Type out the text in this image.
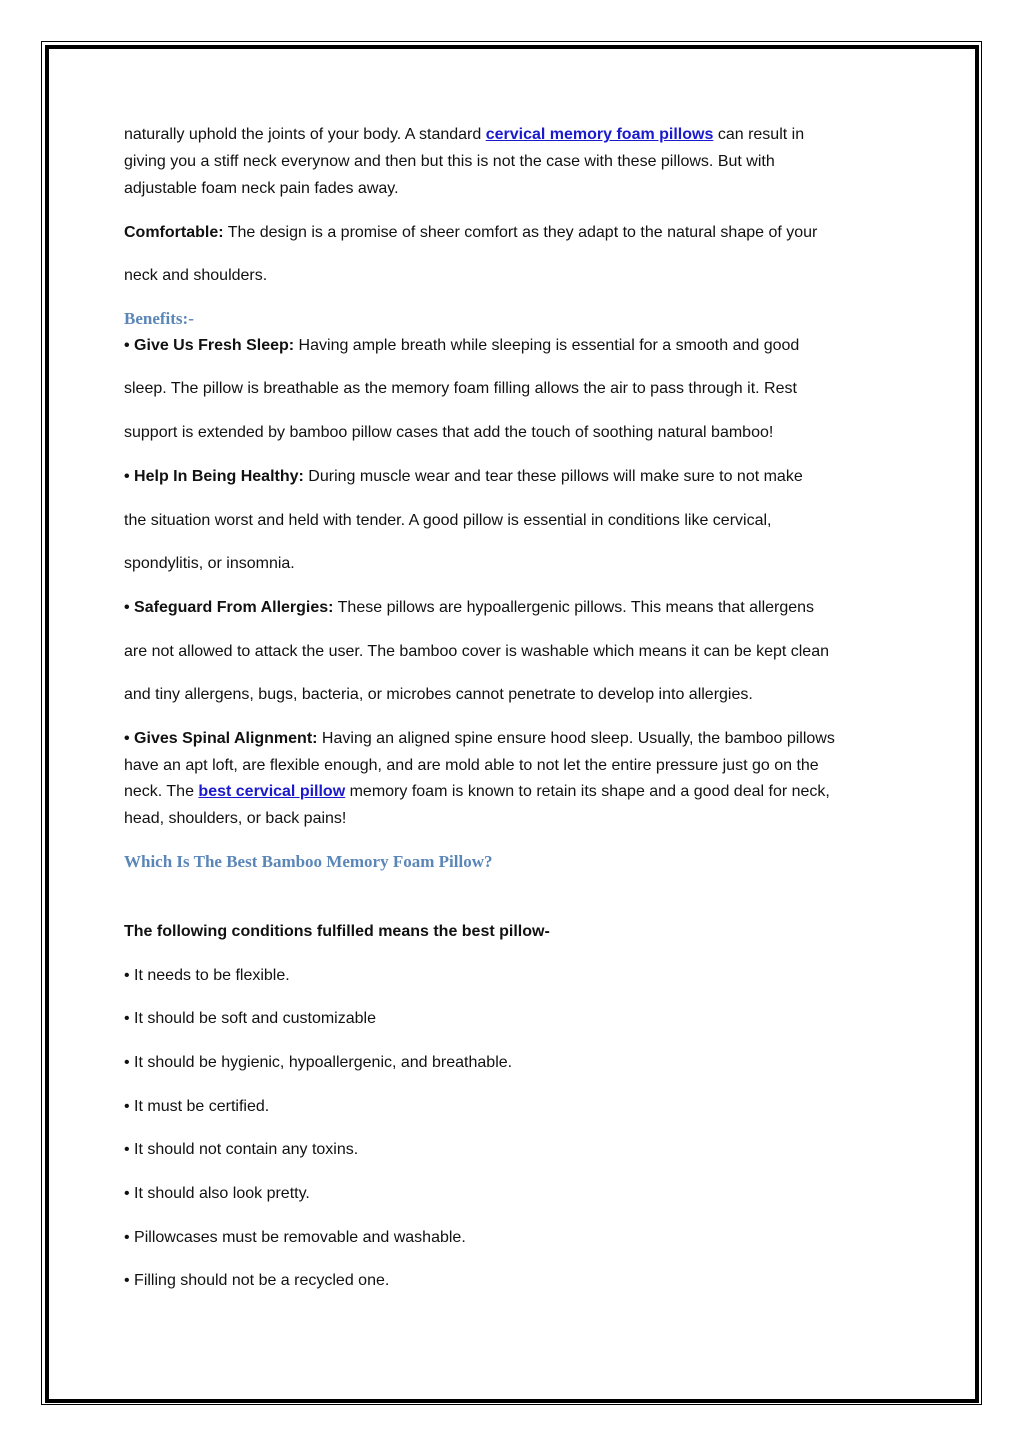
naturally uphold the joints of your body. A standard cervical memory foam pillows can result in
giving you a stiff neck everynow and then but this is not the case with these pillows. But with
adjustable foam neck pain fades away.
Comfortable: The design is a promise of sheer comfort as they adapt to the natural shape of your
neck and shoulders.
Benefits:-
• Give Us Fresh Sleep: Having ample breath while sleeping is essential for a smooth and good
sleep. The pillow is breathable as the memory foam filling allows the air to pass through it. Rest
support is extended by bamboo pillow cases that add the touch of soothing natural bamboo!
• Help In Being Healthy: During muscle wear and tear these pillows will make sure to not make
the situation worst and held with tender. A good pillow is essential in conditions like cervical,
spondylitis, or insomnia.
• Safeguard From Allergies: These pillows are hypoallergenic pillows. This means that allergens
are not allowed to attack the user. The bamboo cover is washable which means it can be kept clean
and tiny allergens, bugs, bacteria, or microbes cannot penetrate to develop into allergies.
• Gives Spinal Alignment: Having an aligned spine ensure hood sleep. Usually, the bamboo pillows
have an apt loft, are flexible enough, and are mold able to not let the entire pressure just go on the
neck. The best cervical pillow memory foam is known to retain its shape and a good deal for neck,
head, shoulders, or back pains!
Which Is The Best Bamboo Memory Foam Pillow?
The following conditions fulfilled means the best pillow-
• It needs to be flexible.
• It should be soft and customizable
• It should be hygienic, hypoallergenic, and breathable.
• It must be certified.
• It should not contain any toxins.
• It should also look pretty.
• Pillowcases must be removable and washable.
• Filling should not be a recycled one.
